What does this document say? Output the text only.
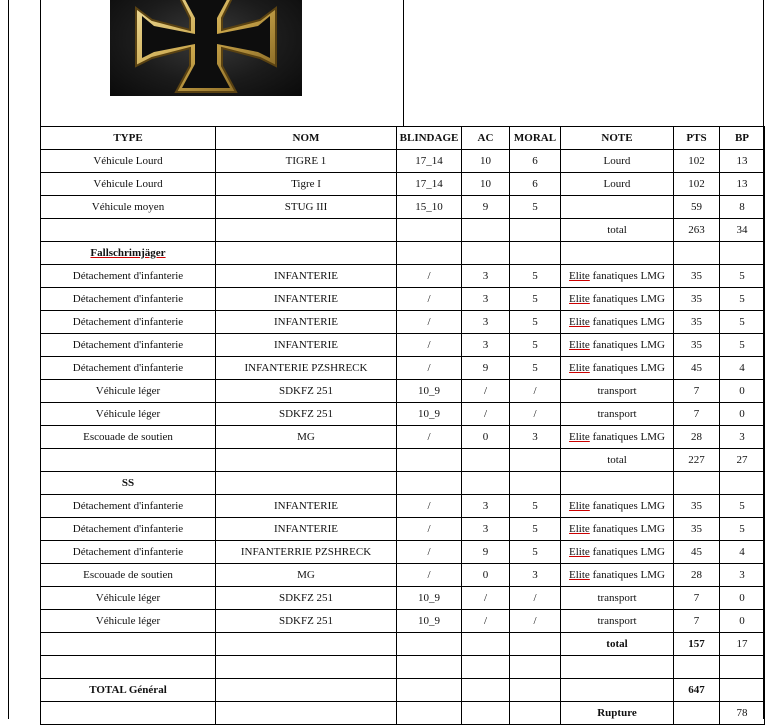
TYPE	NOM	BLINDAGE	AC	MORAL	NOTE	PTS	BP
Véhicule Lourd	TIGRE 1	17_14	10	6	Lourd	102	13
Véhicule Lourd	Tigre I	17_14	10	6	Lourd	102	13
Véhicule moyen	STUG III	15_10	9	5		59	8
					total	263	34
Fallschrimjäger							
Détachement d'infanterie	INFANTERIE	/	3	5	Elite fanatiques LMG	35	5
Détachement d'infanterie	INFANTERIE	/	3	5	Elite fanatiques LMG	35	5
Détachement d'infanterie	INFANTERIE	/	3	5	Elite fanatiques LMG	35	5
Détachement d'infanterie	INFANTERIE	/	3	5	Elite fanatiques LMG	35	5
Détachement d'infanterie	INFANTERIE PZSHRECK	/	9	5	Elite fanatiques LMG	45	4
Véhicule léger	SDKFZ 251	10_9	/	/	transport	7	0
Véhicule léger	SDKFZ 251	10_9	/	/	transport	7	0
Escouade de soutien	MG	/	0	3	Elite fanatiques LMG	28	3
					total	227	27
SS							
Détachement d'infanterie	INFANTERIE	/	3	5	Elite fanatiques LMG	35	5
Détachement d'infanterie	INFANTERIE	/	3	5	Elite fanatiques LMG	35	5
Détachement d'infanterie	INFANTERRIE PZSHRECK	/	9	5	Elite fanatiques LMG	45	4
Escouade de soutien	MG	/	0	3	Elite fanatiques LMG	28	3
Véhicule léger	SDKFZ 251	10_9	/	/	transport	7	0
Véhicule léger	SDKFZ 251	10_9	/	/	transport	7	0
					total	157	17

TOTAL Général						647	
					Rupture		78
